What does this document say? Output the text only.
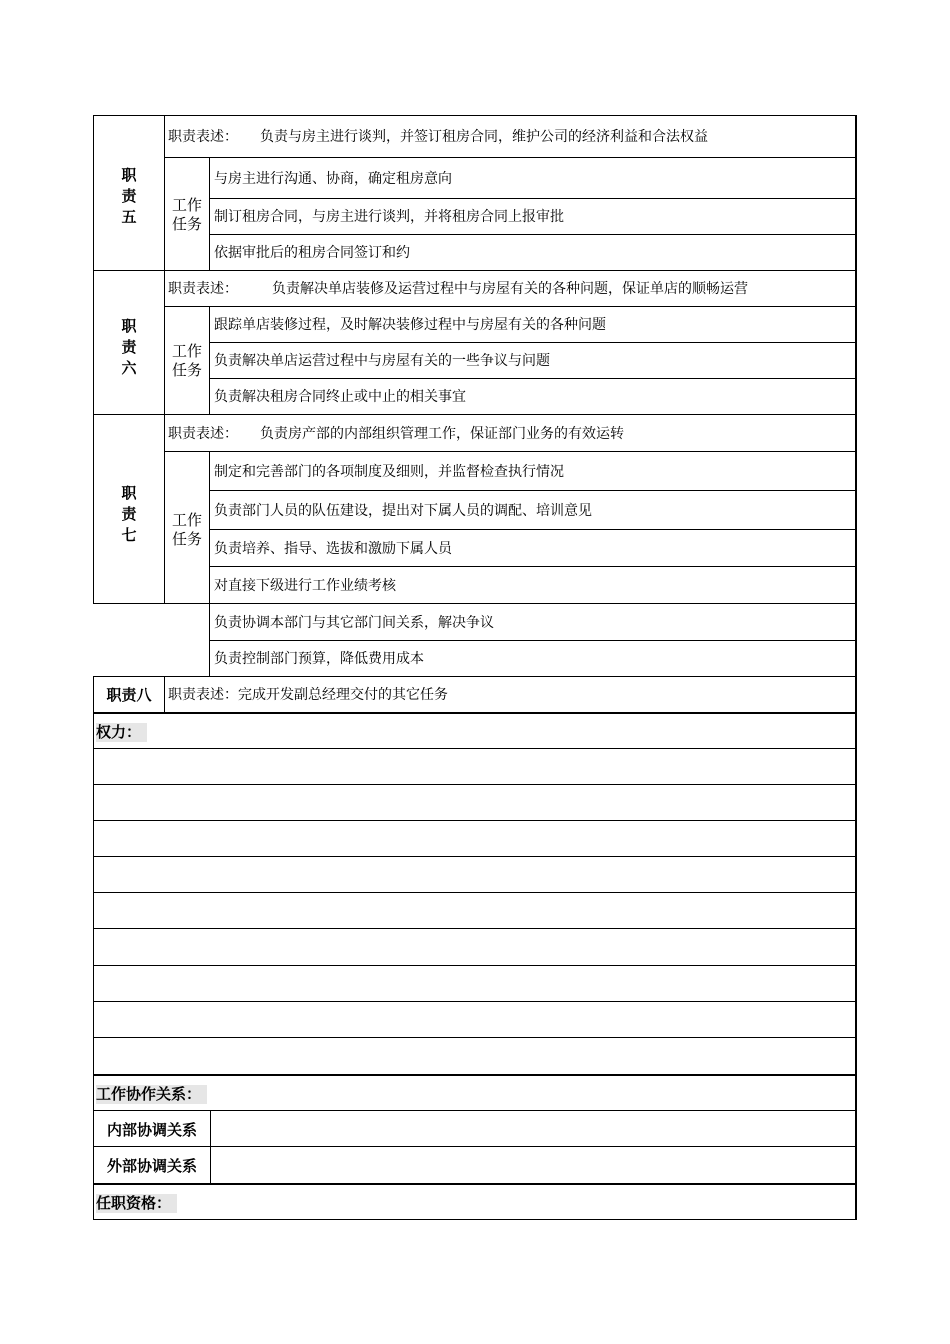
职责五
职责表述： 负责与房主进行谈判，并签订租房合同，维护公司的经济利益和合法权益
工作任务
与房主进行沟通、协商，确定租房意向
制订租房合同，与房主进行谈判，并将租房合同上报审批
依据审批后的租房合同签订和约
职责六
职责表述： 负责解决单店装修及运营过程中与房屋有关的各种问题，保证单店的顺畅运营
工作任务
跟踪单店装修过程，及时解决装修过程中与房屋有关的各种问题
负责解决单店运营过程中与房屋有关的一些争议与问题
负责解决租房合同终止或中止的相关事宜
职责七
职责表述： 负责房产部的内部组织管理工作，保证部门业务的有效运转
工作任务
制定和完善部门的各项制度及细则，并监督检查执行情况
负责部门人员的队伍建设，提出对下属人员的调配、培训意见
负责培养、指导、选拔和激励下属人员
对直接下级进行工作业绩考核
负责协调本部门与其它部门间关系，解决争议
负责控制部门预算，降低费用成本
职责八	职责表述：完成开发副总经理交付的其它任务
权力：
工作协作关系：
内部协调关系
外部协调关系
任职资格：
